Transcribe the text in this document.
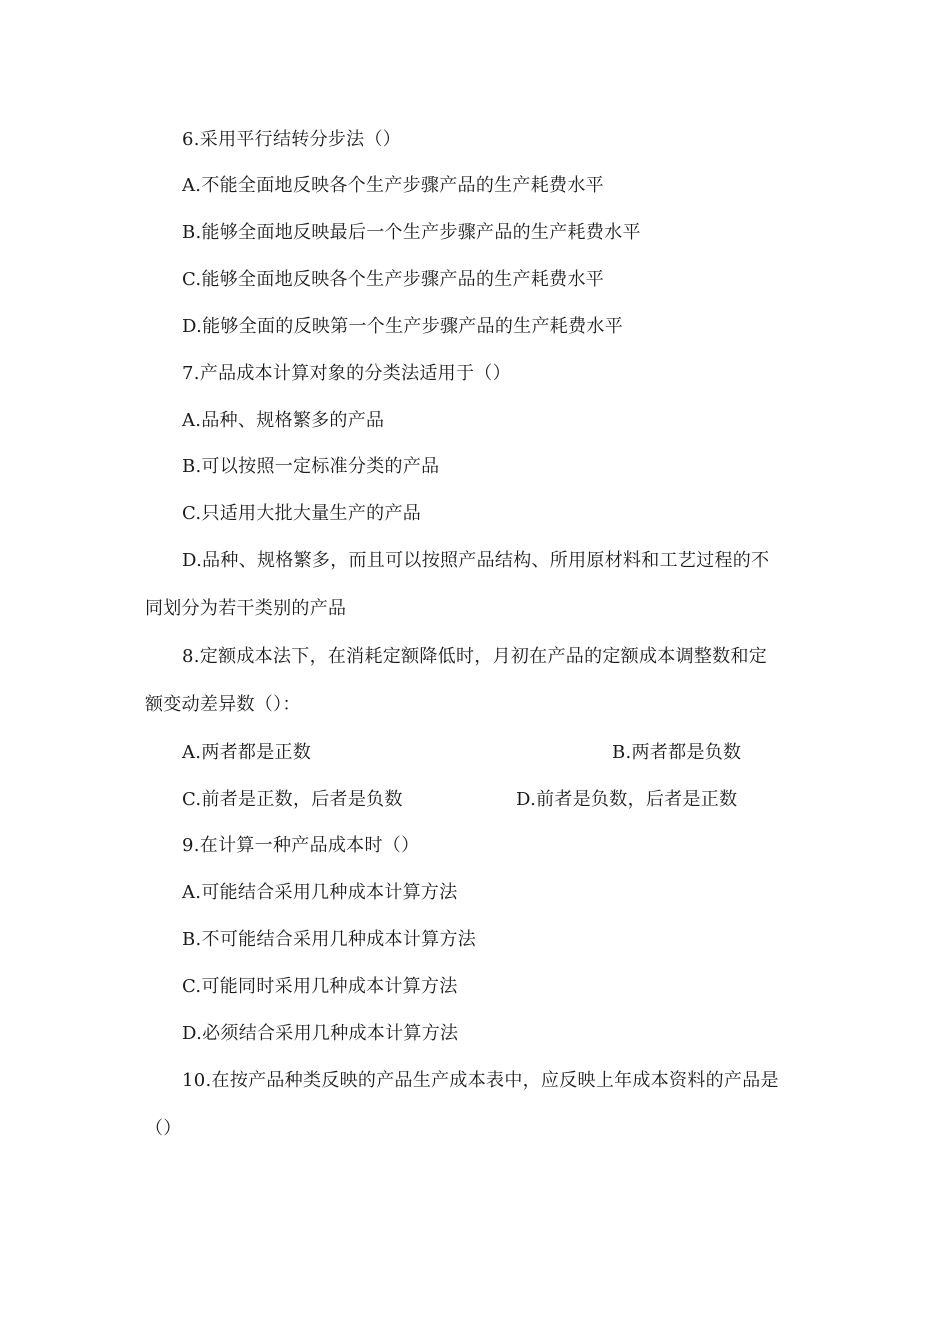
6.采用平行结转分步法（）
A.不能全面地反映各个生产步骤产品的生产耗费水平
B.能够全面地反映最后一个生产步骤产品的生产耗费水平
C.能够全面地反映各个生产步骤产品的生产耗费水平
D.能够全面的反映第一个生产步骤产品的生产耗费水平
7.产品成本计算对象的分类法适用于（）
A.品种、规格繁多的产品
B.可以按照一定标准分类的产品
C.只适用大批大量生产的产品
D.品种、规格繁多，而且可以按照产品结构、所用原材料和工艺过程的不
同划分为若干类别的产品
8.定额成本法下，在消耗定额降低时，月初在产品的定额成本调整数和定
额变动差异数（）：
A.两者都是正数	B.两者都是负数
C.前者是正数，后者是负数	D.前者是负数，后者是正数
9.在计算一种产品成本时（）
A.可能结合采用几种成本计算方法
B.不可能结合采用几种成本计算方法
C.可能同时采用几种成本计算方法
D.必须结合采用几种成本计算方法
10.在按产品种类反映的产品生产成本表中，应反映上年成本资料的产品是
（）
